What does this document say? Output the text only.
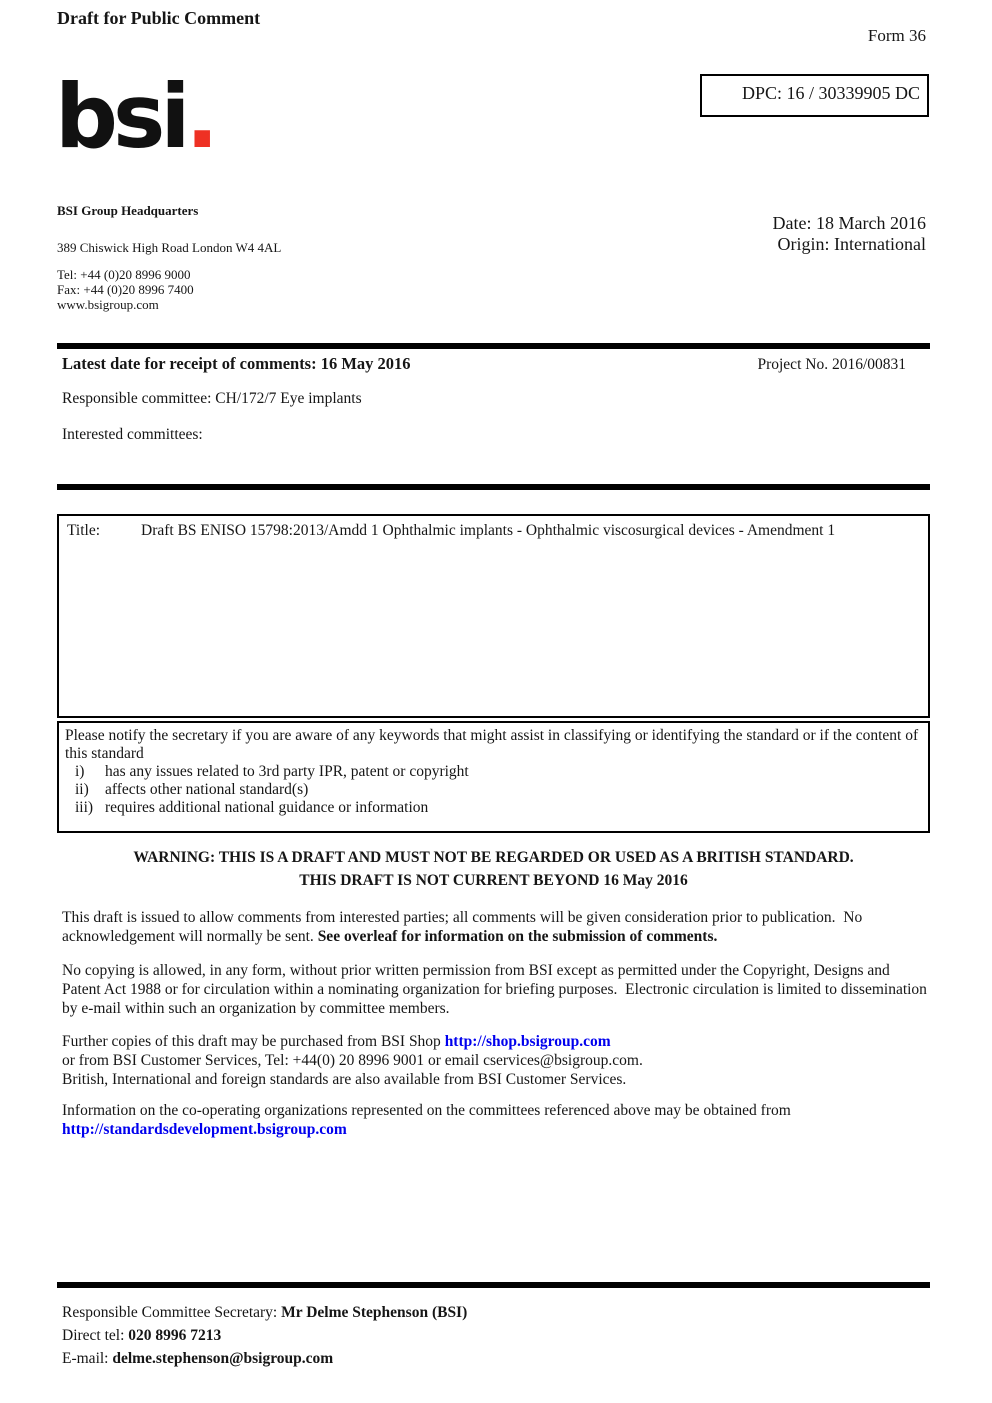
Draft for Public Comment
Form 36
DPC: 16 / 30339905 DC
bsi.
BSI Group Headquarters
389 Chiswick High Road London W4 4AL
Tel: +44 (0)20 8996 9000
Fax: +44 (0)20 8996 7400
www.bsigroup.com
Date: 18 March 2016
Origin: International
Latest date for receipt of comments: 16 May 2016	Project No. 2016/00831
Responsible committee: CH/172/7 Eye implants
Interested committees:
Title:	Draft BS ENISO 15798:2013/Amdd 1 Ophthalmic implants - Ophthalmic viscosurgical devices - Amendment 1
Please notify the secretary if you are aware of any keywords that might assist in classifying or identifying the standard or if the content of this standard
i)	has any issues related to 3rd party IPR, patent or copyright
ii)	affects other national standard(s)
iii) requires additional national guidance or information
WARNING: THIS IS A DRAFT AND MUST NOT BE REGARDED OR USED AS A BRITISH STANDARD.
THIS DRAFT IS NOT CURRENT BEYOND 16 May 2016
This draft is issued to allow comments from interested parties; all comments will be given consideration prior to publication.  No acknowledgement will normally be sent. See overleaf for information on the submission of comments.
No copying is allowed, in any form, without prior written permission from BSI except as permitted under the Copyright, Designs and Patent Act 1988 or for circulation within a nominating organization for briefing purposes.  Electronic circulation is limited to dissemination by e-mail within such an organization by committee members.
Further copies of this draft may be purchased from BSI Shop http://shop.bsigroup.com
or from BSI Customer Services, Tel: +44(0) 20 8996 9001 or email cservices@bsigroup.com.
British, International and foreign standards are also available from BSI Customer Services.
Information on the co-operating organizations represented on the committees referenced above may be obtained from
http://standardsdevelopment.bsigroup.com
Responsible Committee Secretary: Mr Delme Stephenson (BSI)
Direct tel: 020 8996 7213
E-mail: delme.stephenson@bsigroup.com
